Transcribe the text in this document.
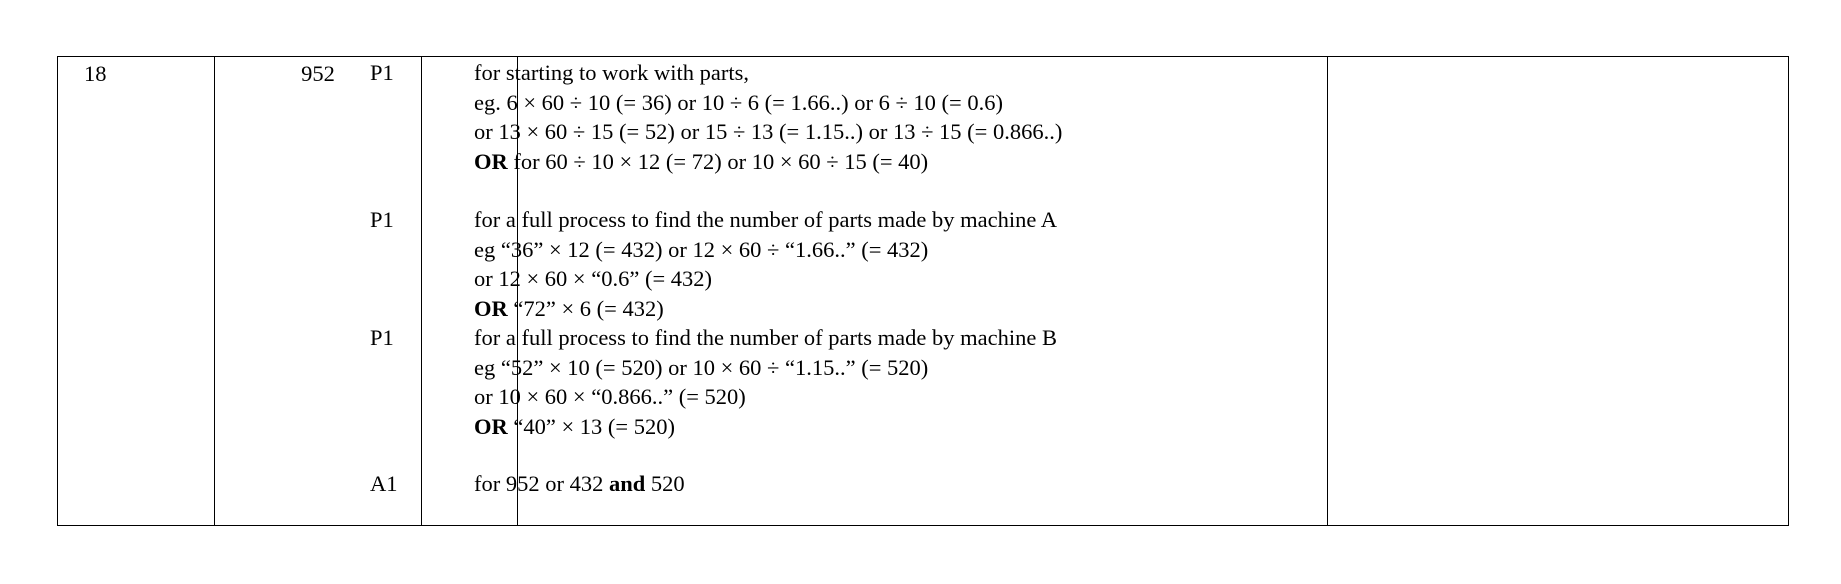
18	952	P1
P1
P1
A1
for starting to work with parts,
eg. 6 × 60 ÷ 10 (= 36) or 10 ÷ 6 (= 1.66..) or 6 ÷ 10 (= 0.6)
or 13 × 60 ÷ 15 (= 52) or 15 ÷ 13 (= 1.15..) or 13 ÷ 15 (= 0.866..)
OR for 60 ÷ 10 × 12 (= 72) or 10 × 60 ÷ 15 (= 40)
for a full process to find the number of parts made by machine A
eg “36” × 12 (= 432) or 12 × 60 ÷ “1.66..” (= 432)
or 12 × 60 × “0.6” (= 432)
OR “72” × 6 (= 432)
for a full process to find the number of parts made by machine B
eg “52” × 10 (= 520) or 10 × 60 ÷ “1.15..” (= 520)
or 10 × 60 × “0.866..” (= 520)
OR “40” × 13 (= 520)
for 952 or 432 and 520
